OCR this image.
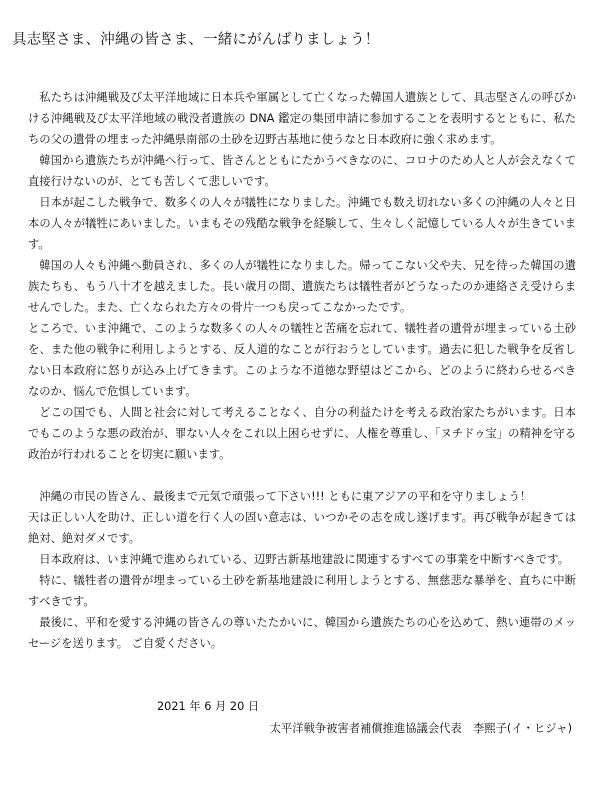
具志堅さま、沖縄の皆さま、一緒にがんばりましょう！

私たちは沖縄戦及び太平洋地域に日本兵や軍属として亡くなった韓国人遺族として、具志堅さんの呼びかける沖縄戦及び太平洋地域の戦没者遺族の DNA 鑑定の集団申請に参加することを表明するとともに、私たちの父の遺骨の埋まった沖縄県南部の土砂を辺野古基地に使うなと日本政府に強く求めます。

韓国から遺族たちが沖縄へ行って、皆さんとともにたかうべきなのに、コロナのため人と人が会えなくて直接行けないのが、とても苦しくて悲しいです。

日本が起こした戦争で、数多くの人々が犠牲になりました。沖縄でも数え切れない多くの沖縄の人々と日本の人々が犠牲にあいました。いまもその残酷な戦争を経験して、生々しく記憶している人々が生きています。

韓国の人々も沖縄へ動員され、多くの人が犠牲になりました。帰ってこない父や夫、兄を待った韓国の遺族たちも、もう八十才を越えました。長い歳月の間、遺族たちは犠牲者がどうなったのか連絡さえ受けらませんでした。また、亡くなられた方々の骨片一つも戻ってこなかったです。

ところで、いま沖縄で、このような数多くの人々の犠牲と苦痛を忘れて、犠牲者の遺骨が埋まっている土砂を、また他の戦争に利用しようとする、反人道的なことが行おうとしています。過去に犯した戦争を反省しない日本政府に怒りが込み上げてきます。このような不道徳な野望はどこから、どのように終わらせるべきなのか、悩んで危惧しています。

どこの国でも、人間と社会に対して考えることなく、自分の利益たけを考える政治家たちがいます。日本でもこのような悪の政治が、罪ない人々をこれ以上困らせずに、人権を尊重し、「ヌチドゥ宝」の精神を守る政治が行われることを切実に願います。

沖縄の市民の皆さん、最後まで元気で頑張って下さい!!! ともに東アジアの平和を守りましょう！

天は正しい人を助け、正しい道を行く人の固い意志は、いつかその志を成し遂げます。再び戦争が起きては絶対、絶対ダメです。

日本政府は、いま沖縄で進められている、辺野古新基地建設に関連するすべての事業を中断すべきです。

特に、犠牲者の遺骨が埋まっている土砂を新基地建設に利用しようとする、無慈悲な暴挙を、直ちに中断すべきです。

最後に、平和を愛する沖縄の皆さんの尊いたたかいに、韓国から遺族たちの心を込めて、熱い連帯のメッセージを送ります。 ご自愛ください。

2021 年 6 月 20 日
太平洋戦争被害者補償推進協議会代表　李熙子(イ・ヒジャ)
